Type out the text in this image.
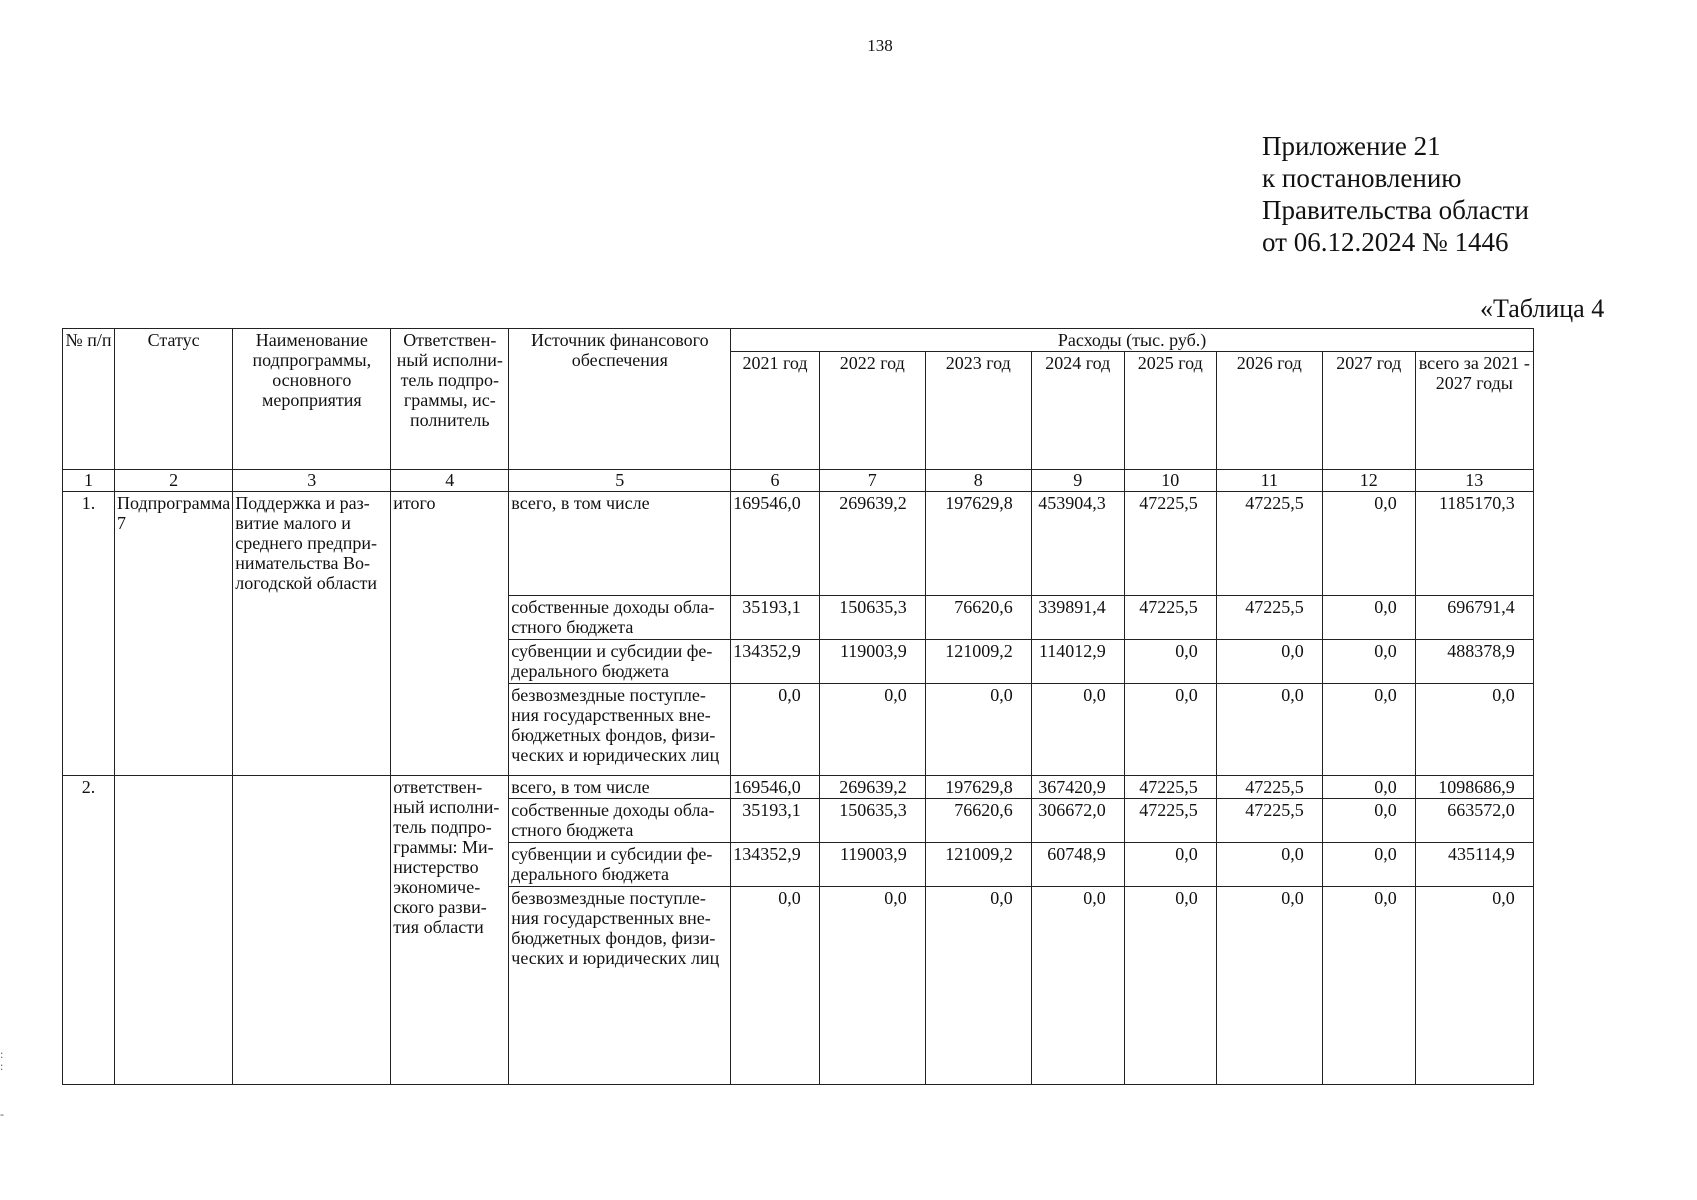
138
Приложение 21
к постановлению
Правительства области
от 06.12.2024 № 1446
«Таблица 4
№ п/п	Статус	Наименование подпрограммы, основного мероприятия	Ответствен-ный исполни-тель подпро-граммы, ис-полнитель	Источник финансового обеспечения	Расходы (тыс. руб.)							
					2021 год	2022 год	2023 год	2024 год	2025 год	2026 год	2027 год	всего за 2021 - 2027 годы
1	2	3	4	5	6	7	8	9	10	11	12	13
1.	Подпрограмма 7	Поддержка и раз-витие малого и среднего предпри-нимательства Во-логодской области	итого	всего, в том числе	169546,0	269639,2	197629,8	453904,3	47225,5	47225,5	0,0	1185170,3
				собственные доходы обла-стного бюджета	35193,1	150635,3	76620,6	339891,4	47225,5	47225,5	0,0	696791,4
				субвенции и субсидии фе-дерального бюджета	134352,9	119003,9	121009,2	114012,9	0,0	0,0	0,0	488378,9
				безвозмездные поступле-ния государственных вне-бюджетных фондов, физи-ческих и юридических лиц	0,0	0,0	0,0	0,0	0,0	0,0	0,0	0,0
2.			ответствен-ный исполни-тель подпро-граммы: Ми-нистерство экономиче-ского разви-тия области	всего, в том числе	169546,0	269639,2	197629,8	367420,9	47225,5	47225,5	0,0	1098686,9
				собственные доходы обла-стного бюджета	35193,1	150635,3	76620,6	306672,0	47225,5	47225,5	0,0	663572,0
				субвенции и субсидии фе-дерального бюджета	134352,9	119003,9	121009,2	60748,9	0,0	0,0	0,0	435114,9
				безвозмездные поступле-ния государственных вне-бюджетных фондов, физи-ческих и юридических лиц	0,0	0,0	0,0	0,0	0,0	0,0	0,0	0,0
:
:

-
